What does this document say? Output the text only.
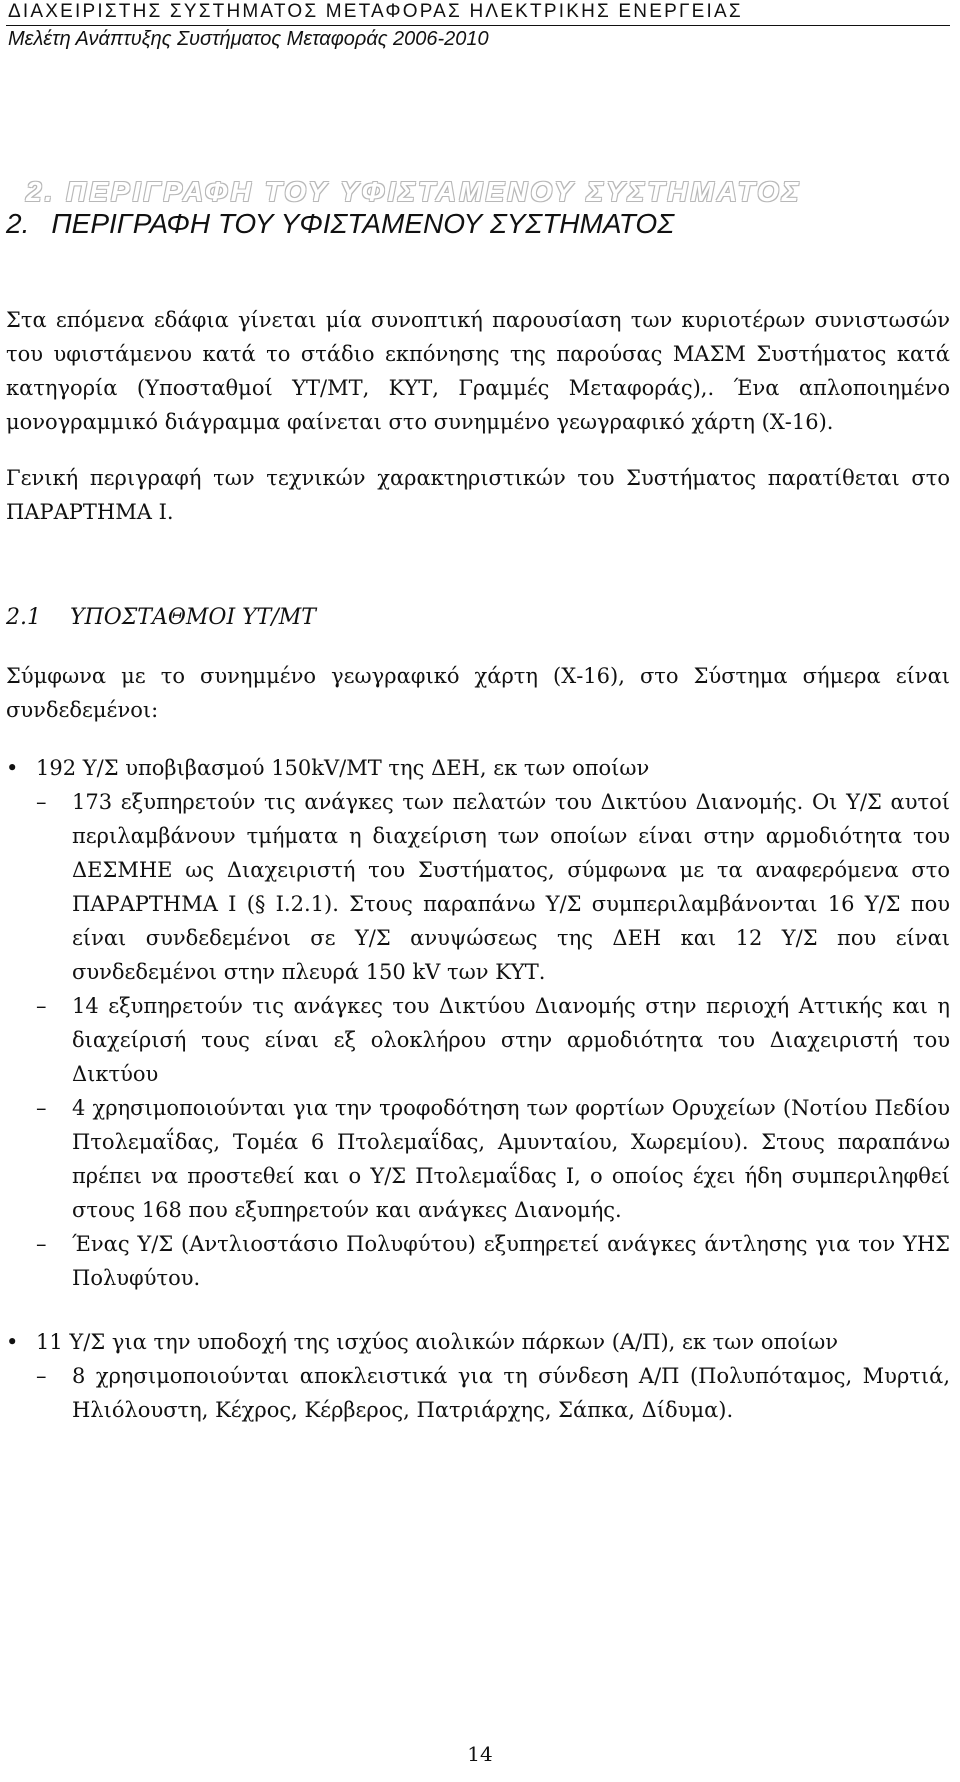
ΔΙΑΧΕΙΡΙΣΤΗΣ ΣΥΣΤΗΜΑΤΟΣ ΜΕΤΑΦΟΡΑΣ ΗΛΕΚΤΡΙΚΗΣ ΕΝΕΡΓΕΙΑΣ
Μελέτη Ανάπτυξης Συστήματος Μεταφοράς 2006-2010
2. ΠΕΡΙΓΡΑΦΗ ΤΟΥ ΥΦΙΣΤΑΜΕΝΟΥ ΣΥΣΤΗΜΑΤΟΣ
2. ΠΕΡΙΓΡΑΦΗ ΤΟΥ ΥΦΙΣΤΑΜΕΝΟΥ ΣΥΣΤΗΜΑΤΟΣ

Στα επόμενα εδάφια γίνεται μία συνοπτική παρουσίαση των κυριοτέρων συνιστωσών του υφιστάμενου κατά το στάδιο εκπόνησης της παρούσας ΜΑΣΜ Συστήματος κατά κατηγορία (Υποσταθμοί ΥΤ/ΜΤ, ΚΥΤ, Γραμμές Μεταφοράς),. Ένα απλοποιημένο μονογραμμικό διάγραμμα φαίνεται στο συνημμένο γεωγραφικό χάρτη (Χ-16).

Γενική περιγραφή των τεχνικών χαρακτηριστικών του Συστήματος παρατίθεται στο ΠΑΡΑΡΤΗΜΑ Ι.

2.1 ΥΠΟΣΤΑΘΜΟΙ ΥΤ/ΜΤ

Σύμφωνα με το συνημμένο γεωγραφικό χάρτη (Χ-16), στο Σύστημα σήμερα είναι συνδεδεμένοι:

• 192 Υ/Σ υποβιβασμού 150kV/MT της ΔΕΗ, εκ των οποίων
– 173 εξυπηρετούν τις ανάγκες των πελατών του Δικτύου Διανομής. Οι Υ/Σ αυτοί περιλαμβάνουν τμήματα η διαχείριση των οποίων είναι στην αρμοδιότητα του ΔΕΣΜΗΕ ως Διαχειριστή του Συστήματος, σύμφωνα με τα αναφερόμενα στο ΠΑΡΑΡΤΗΜΑ Ι (§ Ι.2.1). Στους παραπάνω Υ/Σ συμπεριλαμβάνονται 16 Υ/Σ που είναι συνδεδεμένοι σε Υ/Σ ανυψώσεως της ΔΕΗ και 12 Υ/Σ που είναι συνδεδεμένοι στην πλευρά 150 kV των ΚΥΤ.
– 14 εξυπηρετούν τις ανάγκες του Δικτύου Διανομής στην περιοχή Αττικής και η διαχείρισή τους είναι εξ ολοκλήρου στην αρμοδιότητα του Διαχειριστή του Δικτύου
– 4 χρησιμοποιούνται για την τροφοδότηση των φορτίων Ορυχείων (Νοτίου Πεδίου Πτολεμαΐδας, Τομέα 6 Πτολεμαΐδας, Αμυνταίου, Χωρεμίου). Στους παραπάνω πρέπει να προστεθεί και ο Υ/Σ Πτολεμαΐδας Ι, ο οποίος έχει ήδη συμπεριληφθεί στους 168 που εξυπηρετούν και ανάγκες Διανομής.
– Ένας Υ/Σ (Αντλιοστάσιο Πολυφύτου) εξυπηρετεί ανάγκες άντλησης για τον ΥΗΣ Πολυφύτου.
• 11 Υ/Σ για την υποδοχή της ισχύος αιολικών πάρκων (Α/Π), εκ των οποίων
– 8 χρησιμοποιούνται αποκλειστικά για τη σύνδεση Α/Π (Πολυπόταμος, Μυρτιά, Ηλιόλουστη, Κέχρος, Κέρβερος, Πατριάρχης, Σάπκα, Δίδυμα).
14
